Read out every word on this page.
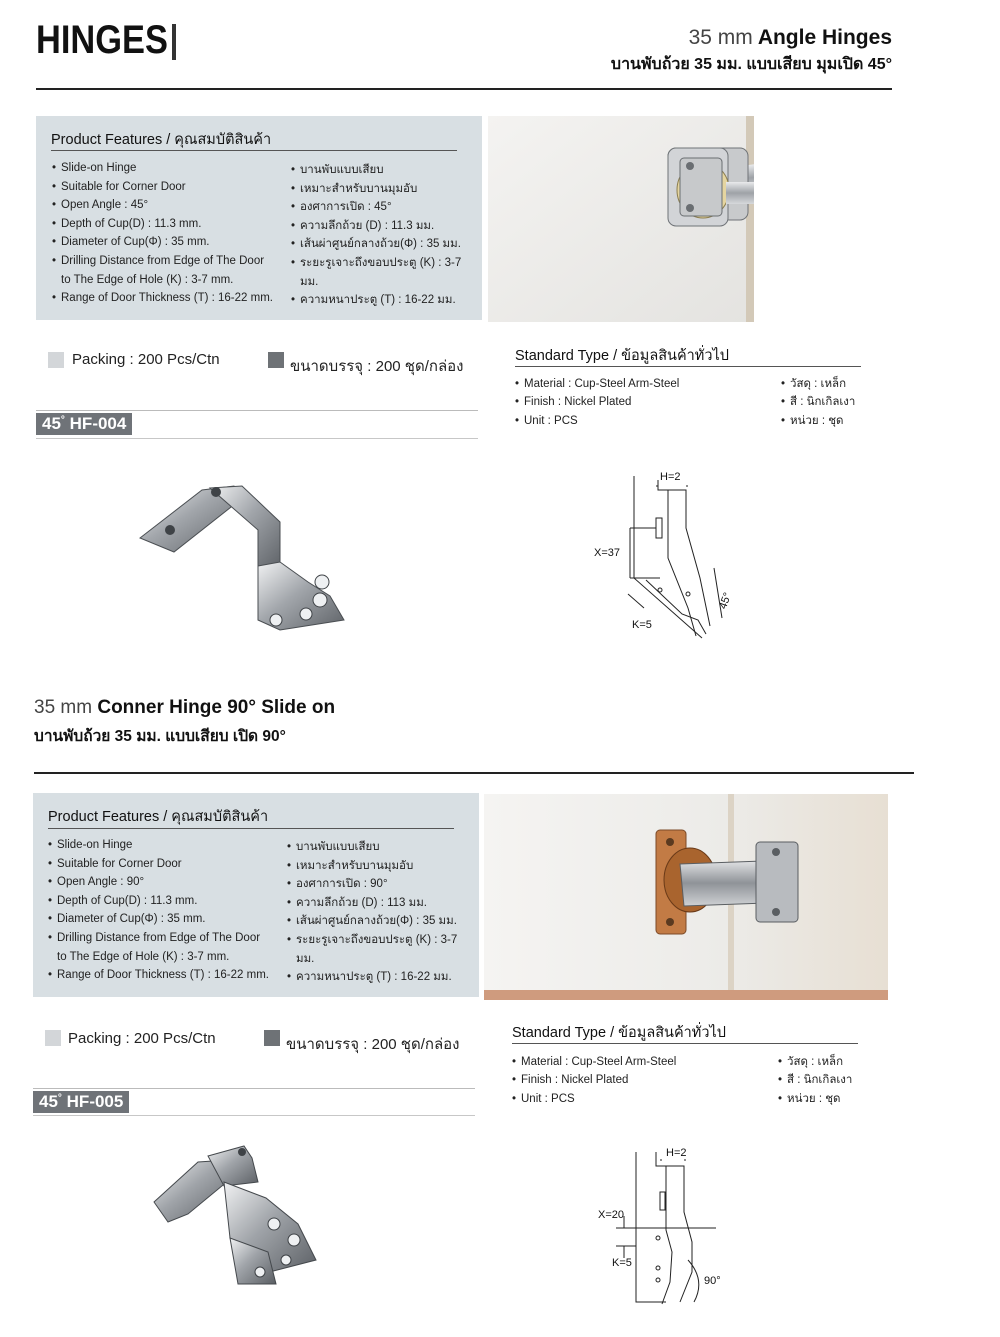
HINGES	35 mm Angle Hinges
บานพับถ้วย 35 มม. แบบเสียบ มุมเปิด 45°
Product Features / คุณสมบัติสินค้า
• Slide-on Hinge
• Suitable for Corner Door
• Open Angle : 45°
• Depth of Cup(D) : 11.3 mm.
• Diameter of Cup(Φ) : 35 mm.
• Drilling Distance from Edge of The Door
to The Edge of Hole (K) : 3-7 mm.
• Range of Door Thickness (T) : 16-22 mm.
• บานพับแบบเสียบ
• เหมาะสำหรับบานมุมอับ
• องศาการเปิด : 45°
• ความลึกถ้วย (D) : 11.3 มม.
• เส้นผ่าศูนย์กลางถ้วย(Φ) : 35 มม.
• ระยะรูเจาะถึงขอบประตู (K) : 3-7 มม.
• ความหนาประตู (T) : 16-22 มม.
Packing : 200 Pcs/Ctn	ขนาดบรรจุ : 200 ชุด/กล่อง
45° HF-004
Standard Type / ข้อมูลสินค้าทั่วไป
• Material : Cup-Steel Arm-Steel
• Finish : Nickel Plated
• Unit : PCS
• วัสดุ : เหล็ก
• สี : นิกเกิลเงา
• หน่วย : ชุด
H=2
X=37
K=5
45°
35 mm Conner Hinge 90° Slide on
บานพับถ้วย 35 มม. แบบเสียบ เปิด 90°
Product Features / คุณสมบัติสินค้า
• Slide-on Hinge
• Suitable for Corner Door
• Open Angle : 90°
• Depth of Cup(D) : 11.3 mm.
• Diameter of Cup(Φ) : 35 mm.
• Drilling Distance from Edge of The Door
to The Edge of Hole (K) : 3-7 mm.
• Range of Door Thickness (T) : 16-22 mm.
• บานพับแบบเสียบ
• เหมาะสำหรับบานมุมอับ
• องศาการเปิด : 90°
• ความลึกถ้วย (D) : 113 มม.
• เส้นผ่าศูนย์กลางถ้วย(Φ) : 35 มม.
• ระยะรูเจาะถึงขอบประตู (K) : 3-7 มม.
• ความหนาประตู (T) : 16-22 มม.
Packing : 200 Pcs/Ctn	ขนาดบรรจุ : 200 ชุด/กล่อง
45° HF-005
Standard Type / ข้อมูลสินค้าทั่วไป
• Material : Cup-Steel Arm-Steel
• Finish : Nickel Plated
• Unit : PCS
• วัสดุ : เหล็ก
• สี : นิกเกิลเงา
• หน่วย : ชุด
H=2
X=20
K=5
90°
